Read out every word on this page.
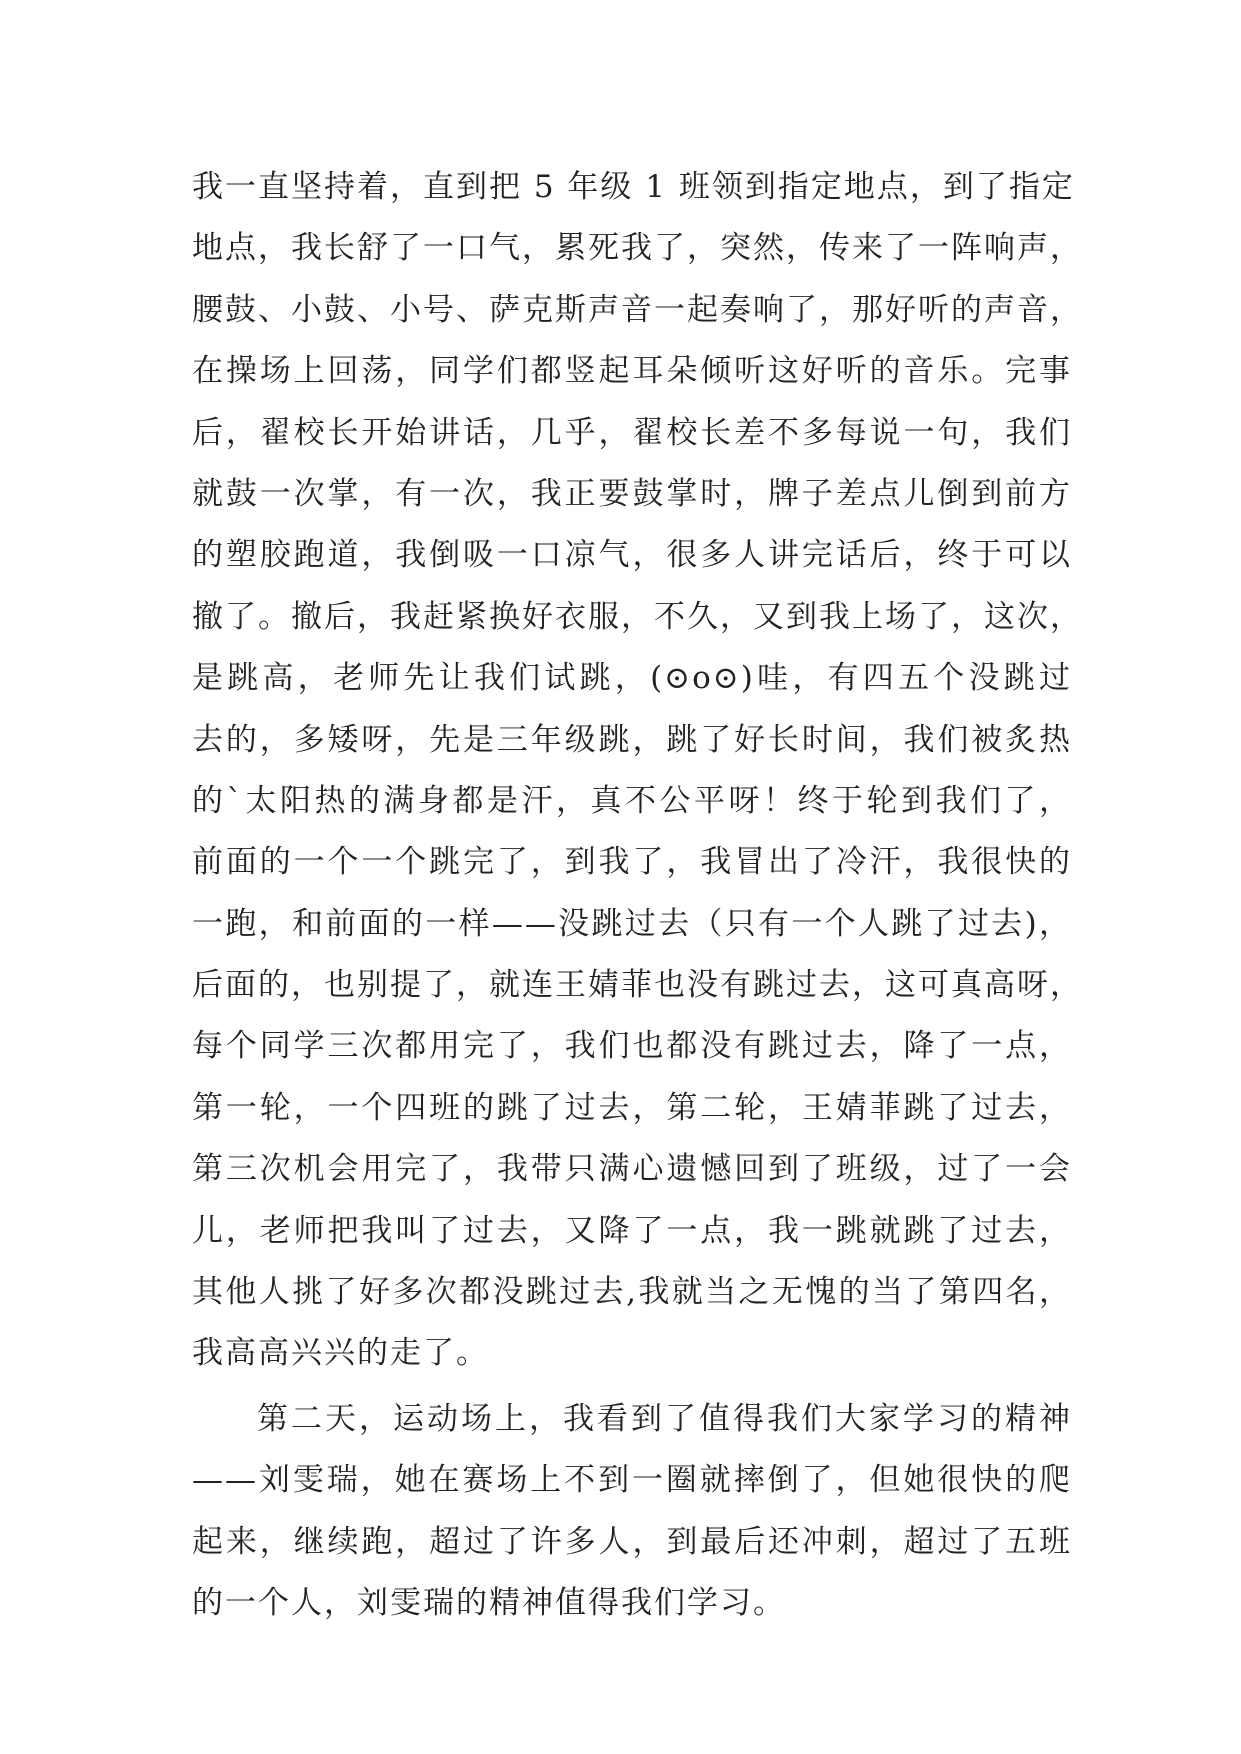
我一直坚持着，直到把 5 年级 1 班领到指定地点，到了指定
地点，我长舒了一口气，累死我了，突然，传来了一阵响声，
腰鼓、小鼓、小号、萨克斯声音一起奏响了，那好听的声音，
在操场上回荡，同学们都竖起耳朵倾听这好听的音乐。完事
后，翟校长开始讲话，几乎，翟校长差不多每说一句，我们
就鼓一次掌，有一次，我正要鼓掌时，牌子差点儿倒到前方
的塑胶跑道，我倒吸一口凉气，很多人讲完话后，终于可以
撤了。撤后，我赶紧换好衣服，不久，又到我上场了，这次，
是跳高，老师先让我们试跳，(⊙o⊙)哇，有四五个没跳过
去的，多矮呀，先是三年级跳，跳了好长时间，我们被炙热
的`太阳热的满身都是汗，真不公平呀！终于轮到我们了，
前面的一个一个跳完了，到我了，我冒出了冷汗，我很快的
一跑，和前面的一样——没跳过去（只有一个人跳了过去)，
后面的，也别提了，就连王婧菲也没有跳过去，这可真高呀，
每个同学三次都用完了，我们也都没有跳过去，降了一点，
第一轮，一个四班的跳了过去，第二轮，王婧菲跳了过去，
第三次机会用完了，我带只满心遗憾回到了班级，过了一会
儿，老师把我叫了过去，又降了一点，我一跳就跳了过去，
其他人挑了好多次都没跳过去,我就当之无愧的当了第四名，
我高高兴兴的走了。
第二天，运动场上，我看到了值得我们大家学习的精神
——刘雯瑞，她在赛场上不到一圈就摔倒了，但她很快的爬
起来，继续跑，超过了许多人，到最后还冲刺，超过了五班
的一个人，刘雯瑞的精神值得我们学习。
